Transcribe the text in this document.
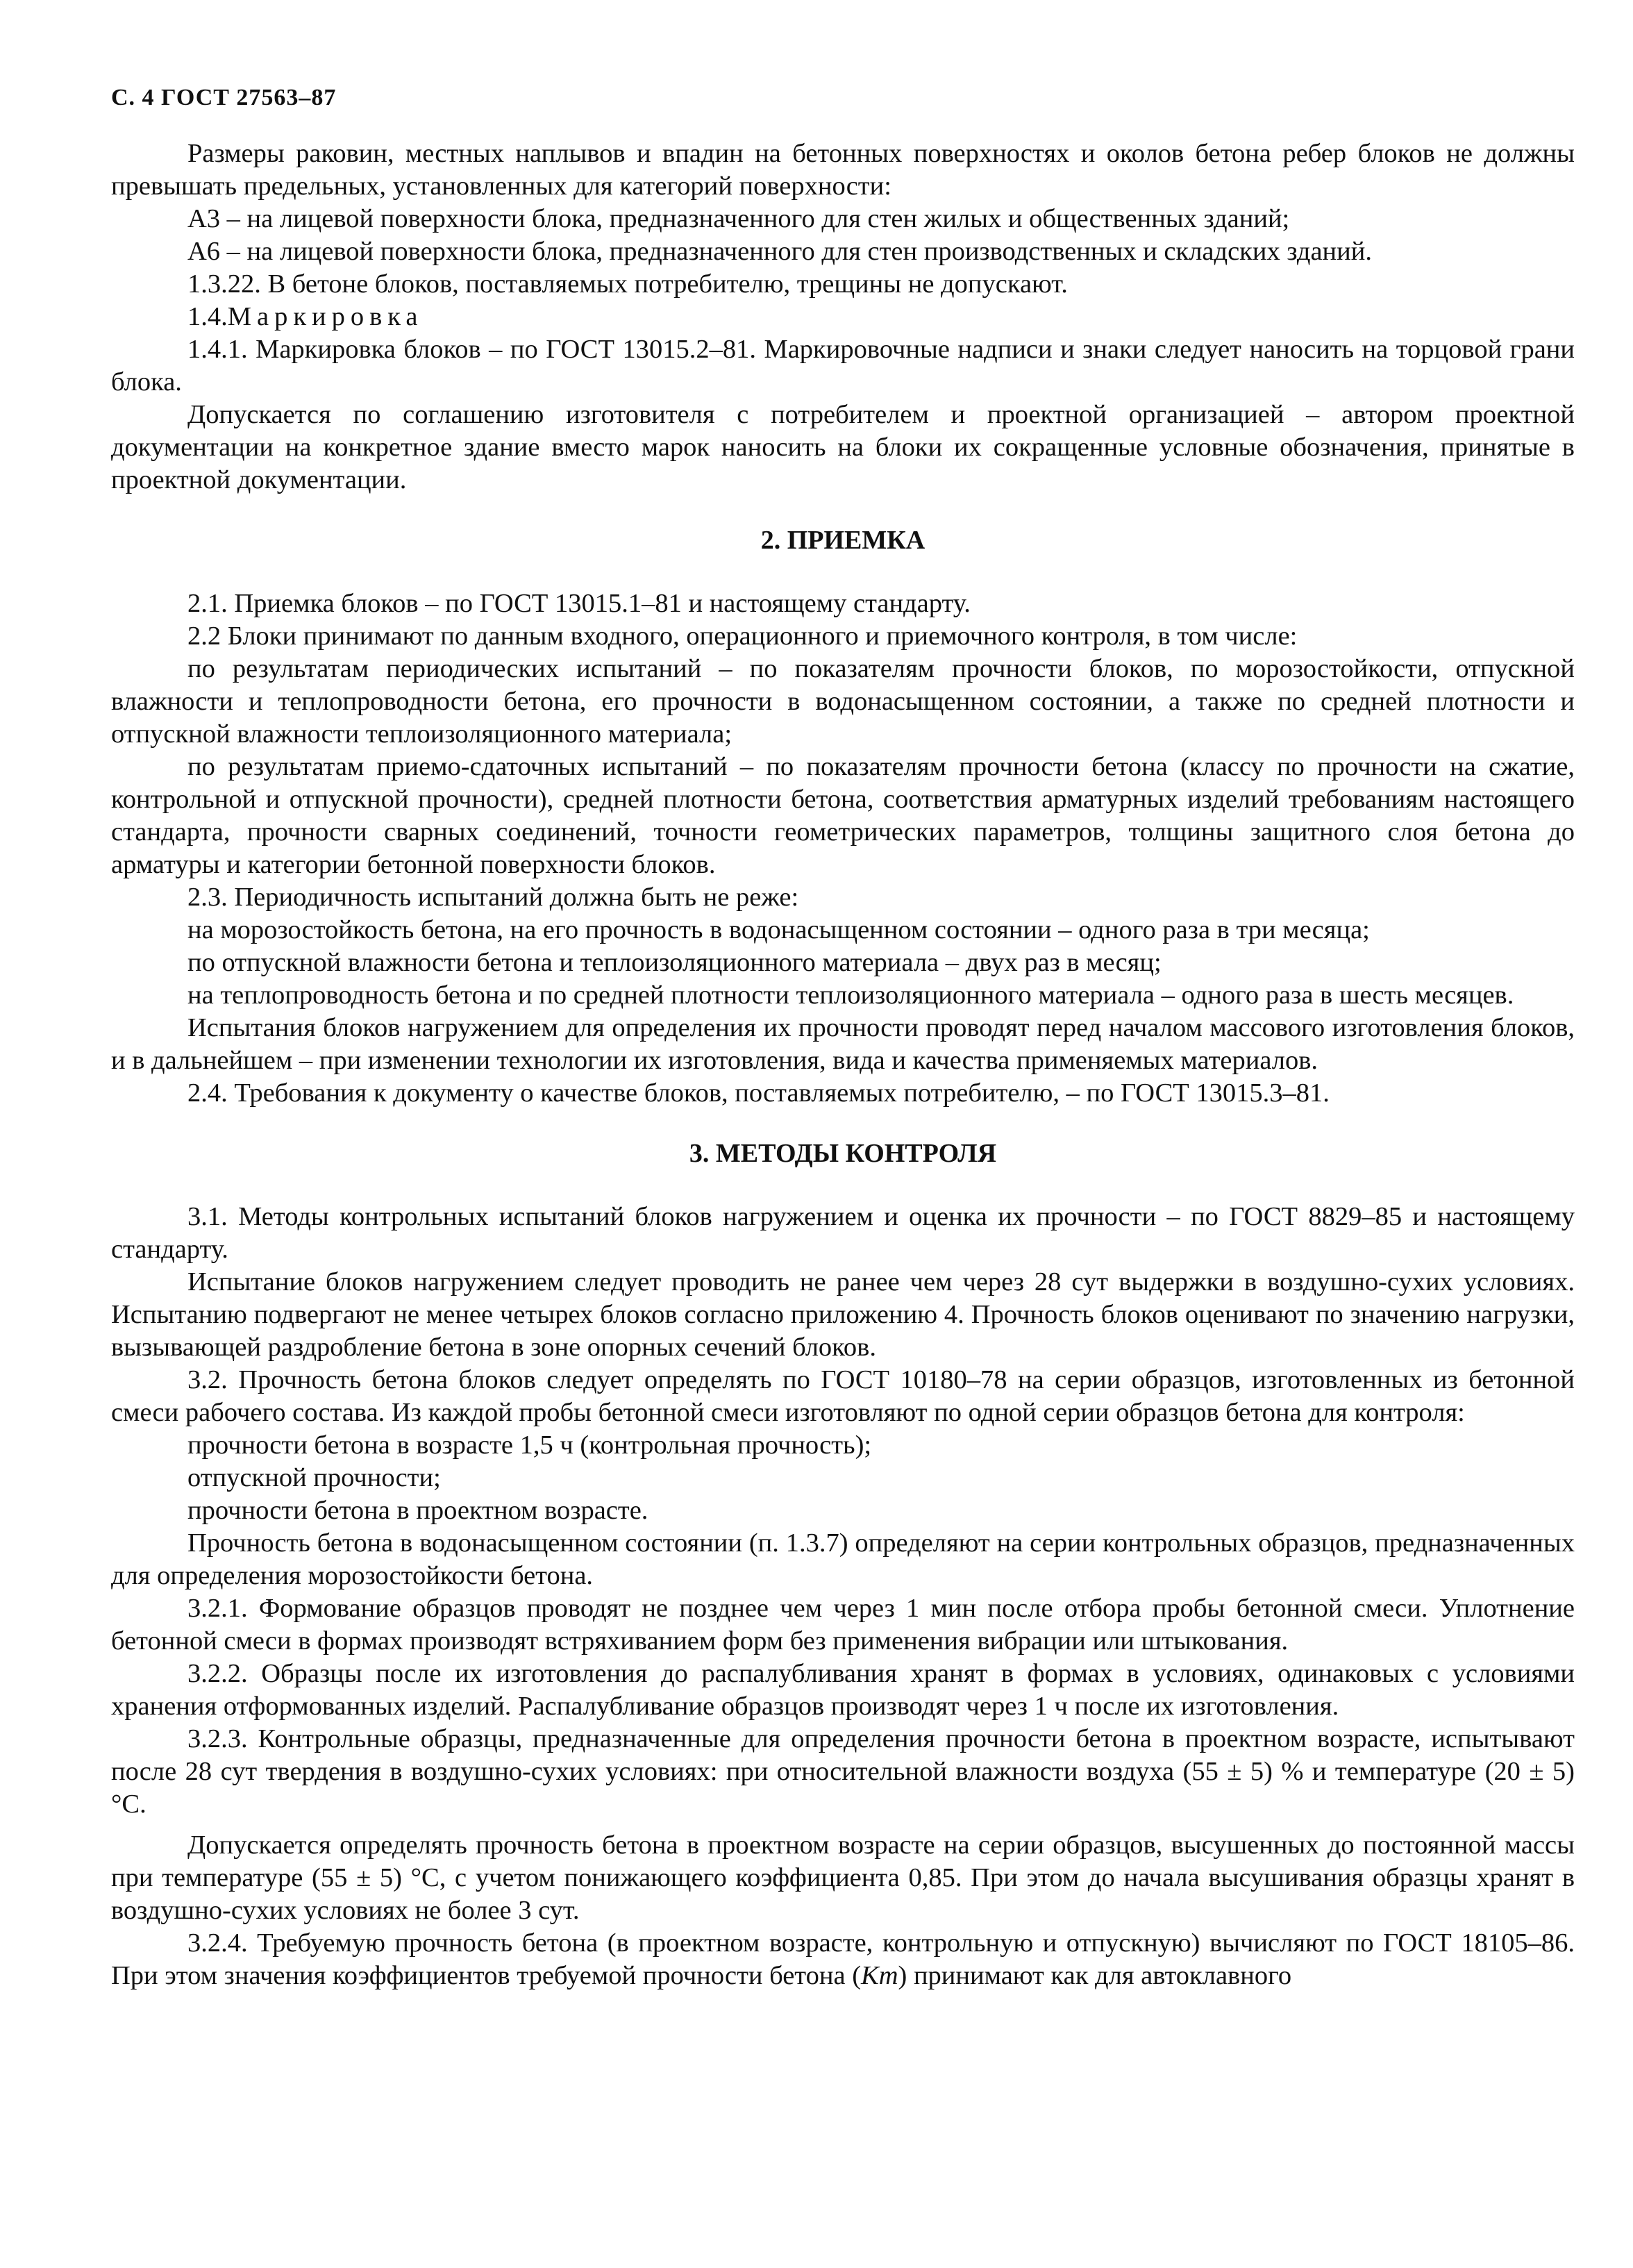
С. 4 ГОСТ 27563–87

Размеры раковин, местных наплывов и впадин на бетонных поверхностях и околов бетона ребер блоков не должны превышать предельных, установленных для категорий поверхности:

А3 – на лицевой поверхности блока, предназначенного для стен жилых и общественных зданий;

А6 – на лицевой поверхности блока, предназначенного для стен производственных и складских зданий.

1.3.22. В бетоне блоков, поставляемых потребителю, трещины не допускают.

1.4.Маркировка

1.4.1. Маркировка блоков – по ГОСТ 13015.2–81. Маркировочные надписи и знаки следует наносить на торцовой грани блока.

Допускается по соглашению изготовителя с потребителем и проектной организацией – автором проектной документации на конкретное здание вместо марок наносить на блоки их сокращенные условные обозначения, принятые в проектной документации.

2. ПРИЕМКА

2.1. Приемка блоков – по ГОСТ 13015.1–81 и настоящему стандарту.

2.2 Блоки принимают по данным входного, операционного и приемочного контроля, в том числе:

по результатам периодических испытаний – по показателям прочности блоков, по морозостойкости, отпускной влажности и теплопроводности бетона, его прочности в водонасыщенном состоянии, а также по средней плотности и отпускной влажности теплоизоляционного материала;

по результатам приемо-сдаточных испытаний – по показателям прочности бетона (классу по прочности на сжатие, контрольной и отпускной прочности), средней плотности бетона, соответствия арматурных изделий требованиям настоящего стандарта, прочности сварных соединений, точности геометрических параметров, толщины защитного слоя бетона до арматуры и категории бетонной поверхности блоков.

2.3. Периодичность испытаний должна быть не реже:

на морозостойкость бетона, на его прочность в водонасыщенном состоянии – одного раза в три месяца;

по отпускной влажности бетона и теплоизоляционного материала – двух раз в месяц;

на теплопроводность бетона и по средней плотности теплоизоляционного материала – одного раза в шесть месяцев.

Испытания блоков нагружением для определения их прочности проводят перед началом массового изготовления блоков, и в дальнейшем – при изменении технологии их изготовления, вида и качества применяемых материалов.

2.4. Требования к документу о качестве блоков, поставляемых потребителю, – по ГОСТ 13015.3–81.

3. МЕТОДЫ КОНТРОЛЯ

3.1. Методы контрольных испытаний блоков нагружением и оценка их прочности – по ГОСТ 8829–85 и настоящему стандарту.

Испытание блоков нагружением следует проводить не ранее чем через 28 сут выдержки в воздушно-сухих условиях. Испытанию подвергают не менее четырех блоков согласно приложению 4. Прочность блоков оценивают по значению нагрузки, вызывающей раздробление бетона в зоне опорных сечений блоков.

3.2. Прочность бетона блоков следует определять по ГОСТ 10180–78 на серии образцов, изготовленных из бетонной смеси рабочего состава. Из каждой пробы бетонной смеси изготовляют по одной серии образцов бетона для контроля:

прочности бетона в возрасте 1,5 ч (контрольная прочность);

отпускной прочности;

прочности бетона в проектном возрасте.

Прочность бетона в водонасыщенном состоянии (п. 1.3.7) определяют на серии контрольных образцов, предназначенных для определения морозостойкости бетона.

3.2.1. Формование образцов проводят не позднее чем через 1 мин после отбора пробы бетонной смеси. Уплотнение бетонной смеси в формах производят встряхиванием форм без применения вибрации или штыкования.

3.2.2. Образцы после их изготовления до распалубливания хранят в формах в условиях, одинаковых с условиями хранения отформованных изделий. Распалубливание образцов производят через 1 ч после их изготовления.

3.2.3. Контрольные образцы, предназначенные для определения прочности бетона в проектном возрасте, испытывают после 28 сут твердения в воздушно-сухих условиях: при относительной влажности воздуха (55 ± 5) % и температуре (20 ± 5) °С.

Допускается определять прочность бетона в проектном возрасте на серии образцов, высушенных до постоянной массы при температуре (55 ± 5) °С, с учетом понижающего коэффициента 0,85. При этом до начала высушивания образцы хранят в воздушно-сухих условиях не более 3 сут.

3.2.4. Требуемую прочность бетона (в проектном возрасте, контрольную и отпускную) вычисляют по ГОСТ 18105–86. При этом значения коэффициентов требуемой прочности бетона (Kт) принимают как для автоклавного
